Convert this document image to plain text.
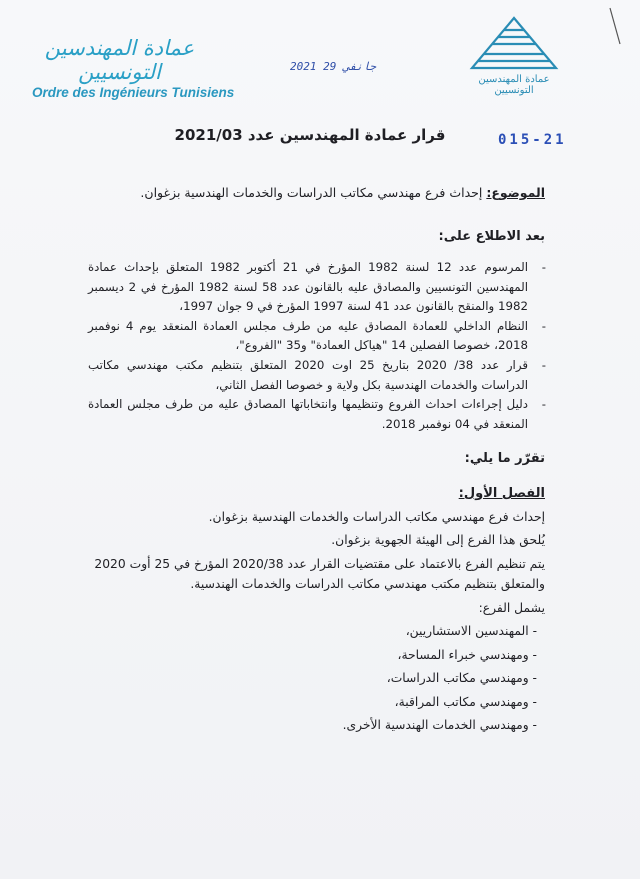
عمادة المهندسين التونسيين
Ordre des Ingénieurs Tunisiens
عمادة المهندسين التونسيين
2021 جانفي 29
015-21
قرار عمادة المهندسين عدد 2021/03
الموضوع: إحداث فرع مهندسي مكاتب الدراسات والخدمات الهندسية بزغوان.
بعد الاطلاع على:
- المرسوم عدد 12 لسنة 1982 المؤرخ في 21 أكتوبر 1982 المتعلق بإحداث عمادة المهندسين التونسيين والمصادق عليه بالقانون عدد 58 لسنة 1982 المؤرخ في 2 ديسمبر 1982 والمنقح بالقانون عدد 41 لسنة 1997 المؤرخ في 9 جوان 1997،
- النظام الداخلي للعمادة المصادق عليه من طرف مجلس العمادة المنعقد يوم 4 نوفمبر 2018، خصوصا الفصلين 14 "هياكل العمادة" و35 "الفروع"،
- قرار عدد 38/ 2020 بتاريخ 25 اوت 2020 المتعلق بتنظيم مكتب مهندسي مكاتب الدراسات والخدمات الهندسية بكل ولاية و خصوصا الفصل الثاني،
- دليل إجراءات احداث الفروع وتنظيمها وانتخاباتها المصادق عليه من طرف مجلس العمادة المنعقد في 04 نوفمبر 2018.
تقرّر ما يلي:
الفصل الأول:
إحداث فرع مهندسي مكاتب الدراسات والخدمات الهندسية بزغوان.
يُلحق هذا الفرع إلى الهيئة الجهوية بزغوان.
يتم تنظيم الفرع بالاعتماد على مقتضيات القرار عدد 2020/38 المؤرخ في 25 أوت 2020 والمتعلق بتنظيم مكتب مهندسي مكاتب الدراسات والخدمات الهندسية.
يشمل الفرع:
- المهندسين الاستشاريين،
- ومهندسي خبراء المساحة،
- ومهندسي مكاتب الدراسات،
- ومهندسي مكاتب المراقبة،
- ومهندسي الخدمات الهندسية الأخرى.
